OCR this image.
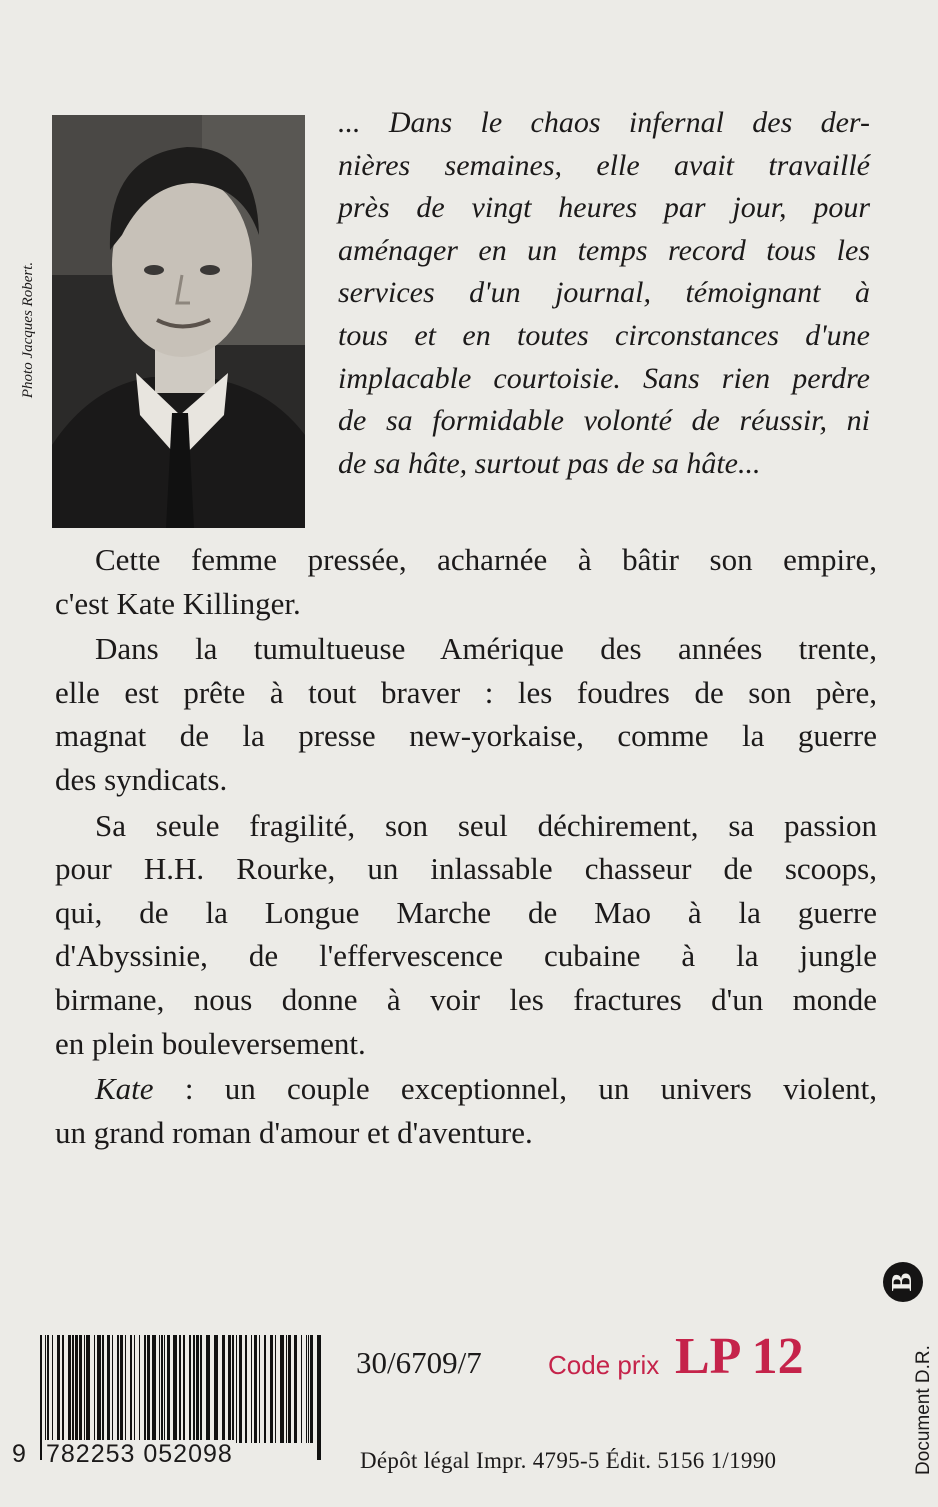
Photo Jacques Robert.

... Dans le chaos infernal des der-
nières semaines, elle avait travaillé
près de vingt heures par jour, pour
aménager en un temps record tous les
services d'un journal, témoignant à
tous et en toutes circonstances d'une
implacable courtoisie. Sans rien perdre
de sa formidable volonté de réussir, ni
de sa hâte, surtout pas de sa hâte...

Cette femme pressée, acharnée à bâtir son empire,
c'est Kate Killinger.
Dans la tumultueuse Amérique des années trente,
elle est prête à tout braver : les foudres de son père,
magnat de la presse new-yorkaise, comme la guerre
des syndicats.
Sa seule fragilité, son seul déchirement, sa passion
pour H.H. Rourke, un inlassable chasseur de scoops,
qui, de la Longue Marche de Mao à la guerre
d'Abyssinie, de l'effervescence cubaine à la jungle
birmane, nous donne à voir les fractures d'un monde
en plein bouleversement.
Kate : un couple exceptionnel, un univers violent,
un grand roman d'amour et d'aventure.
9 782253 052098
30/6709/7	Code prix LP 12
Dépôt légal Impr. 4795-5 Édit. 5156 1/1990
B
Document D.R.
